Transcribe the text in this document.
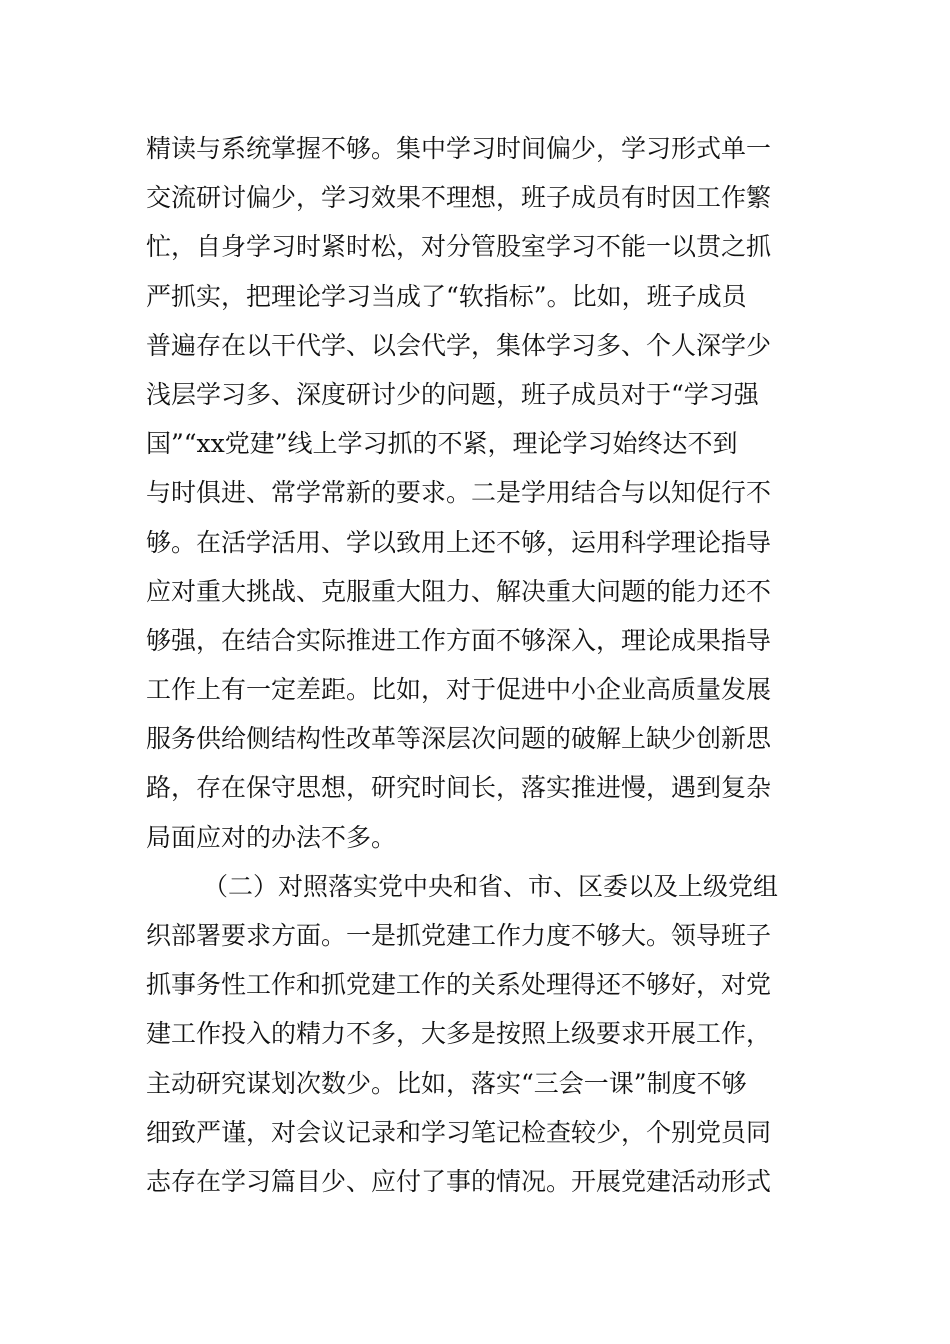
精读与系统掌握不够。集中学习时间偏少，学习形式单一
交流研讨偏少，学习效果不理想，班子成员有时因工作繁
忙，自身学习时紧时松，对分管股室学习不能一以贯之抓
严抓实，把理论学习当成了“软指标”。比如，班子成员
普遍存在以干代学、以会代学，集体学习多、个人深学少
浅层学习多、深度研讨少的问题，班子成员对于“学习强
国”“xx党建”线上学习抓的不紧，理论学习始终达不到
与时俱进、常学常新的要求。二是学用结合与以知促行不
够。在活学活用、学以致用上还不够，运用科学理论指导
应对重大挑战、克服重大阻力、解决重大问题的能力还不
够强，在结合实际推进工作方面不够深入，理论成果指导
工作上有一定差距。比如，对于促进中小企业高质量发展
服务供给侧结构性改革等深层次问题的破解上缺少创新思
路，存在保守思想，研究时间长，落实推进慢，遇到复杂
局面应对的办法不多。
（二）对照落实党中央和省、市、区委以及上级党组
织部署要求方面。一是抓党建工作力度不够大。领导班子
抓事务性工作和抓党建工作的关系处理得还不够好，对党
建工作投入的精力不多，大多是按照上级要求开展工作，
主动研究谋划次数少。比如，落实“三会一课”制度不够
细致严谨，对会议记录和学习笔记检查较少，个别党员同
志存在学习篇目少、应付了事的情况。开展党建活动形式
